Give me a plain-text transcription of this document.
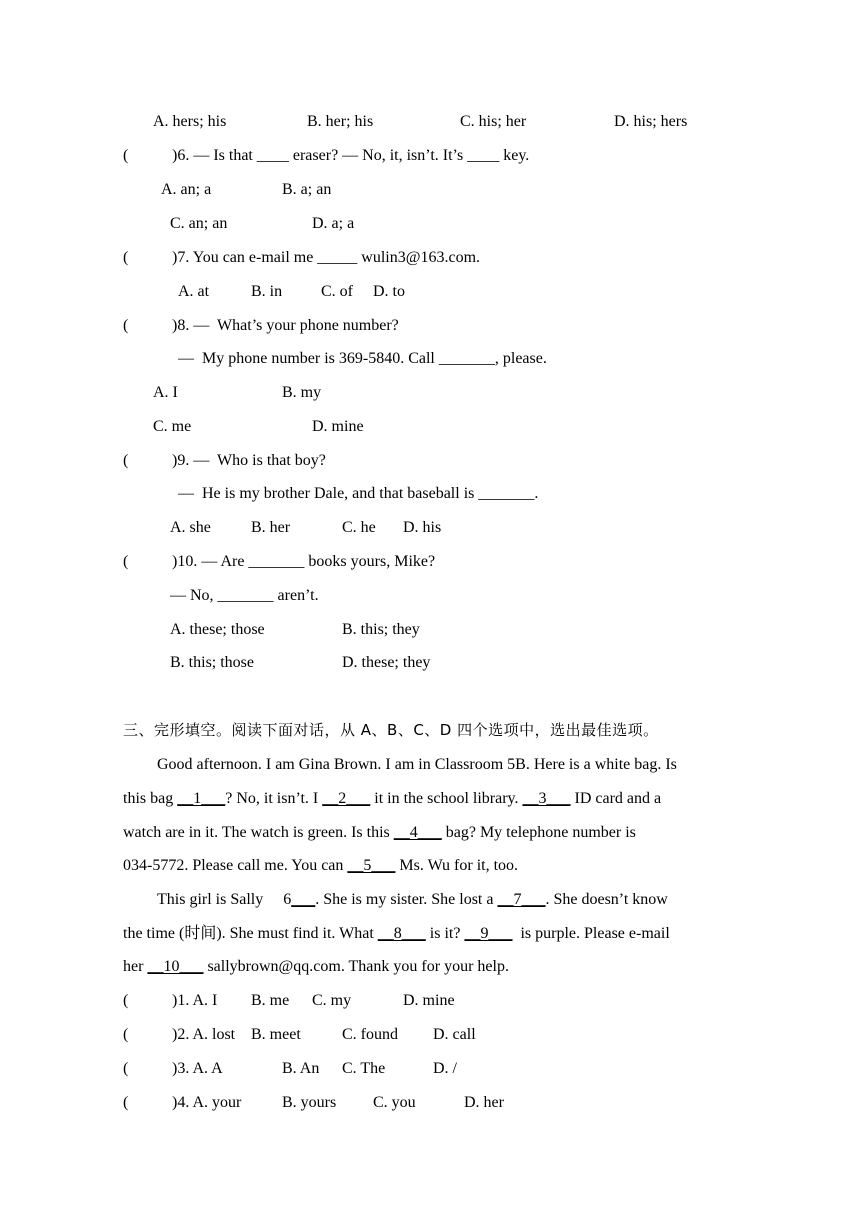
A. hers; his	B. her; his	C. his; her	D. his; hers
(	)6. — Is that ____ eraser? — No, it, isn’t. It’s ____ key.
A. an; a	B. a; an
C. an; an	D. a; a
(	)7. You can e-mail me _____ wulin3@163.com.
A. at	B. in C. of D. to
(	)8. —  What’s your phone number?
—  My phone number is 369-5840. Call _______, please.
A. I	B. my
C. me	D. mine
(	)9. —  Who is that boy?
—  He is my brother Dale, and that baseball is _______.
A. she	B. her	C. he D. his
(	)10. — Are _______ books yours, Mike?
— No, _______ aren’t.
A. these; those	B. this; they
B. this; those	D. these; they
三、完形填空。阅读下面对话，从 A、B、C、D 四个选项中，选出最佳选项。
Good afternoon. I am Gina Brown. I am in Classroom 5B. Here is a white bag. Is
this bag __1___? No, it isn’t. I __2___ it in the school library. __3___ ID card and a
watch are in it. The watch is green. Is this __4___ bag? My telephone number is
034-5772. Please call me. You can __5___ Ms. Wu for it, too.
This girl is Sally     6___. She is my sister. She lost a __7___. She doesn’t know
the time (时间). She must find it. What __8___ is it? __9___  is purple. Please e-mail
her __10___ sallybrown@qq.com. Thank you for your help.
(	)1. A. I B. me C. my	D. mine
(	)2. A. lost B. meet	C. found D. call
(	)3. A. A	B. An C. The	D. /
(	)4. A. your	B. yours C. you	D. her
